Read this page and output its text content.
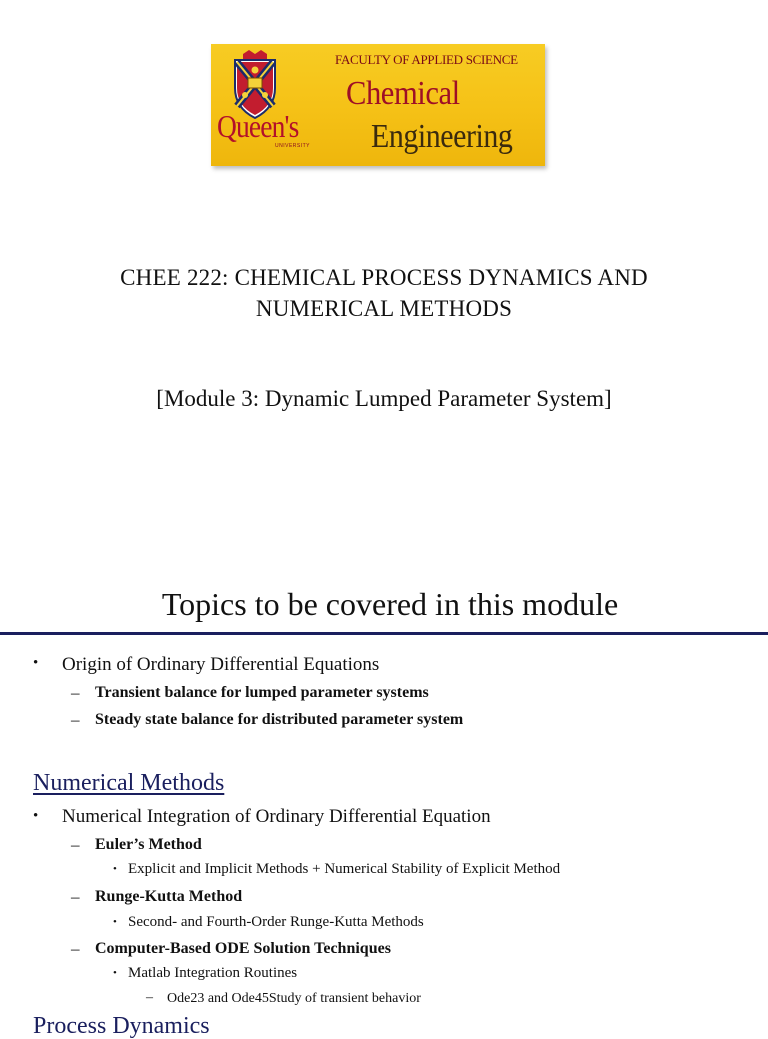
Queen's
UNIVERSITY
FACULTY OF APPLIED SCIENCE
Chemical
Engineering
CHEE 222: CHEMICAL PROCESS DYNAMICS AND
NUMERICAL METHODS
[Module 3: Dynamic Lumped Parameter System]
Topics to be covered in this module
• Origin of Ordinary Differential Equations
– Transient balance for lumped parameter systems
– Steady state balance for distributed parameter system
Numerical Methods
• Numerical Integration of Ordinary Differential Equation
– Euler’s Method
• Explicit and Implicit Methods + Numerical Stability of Explicit Method
– Runge-Kutta Method
• Second- and Fourth-Order Runge-Kutta Methods
– Computer-Based ODE Solution Techniques
• Matlab Integration Routines
– Ode23 and Ode45Study of transient behavior
Process Dynamics
